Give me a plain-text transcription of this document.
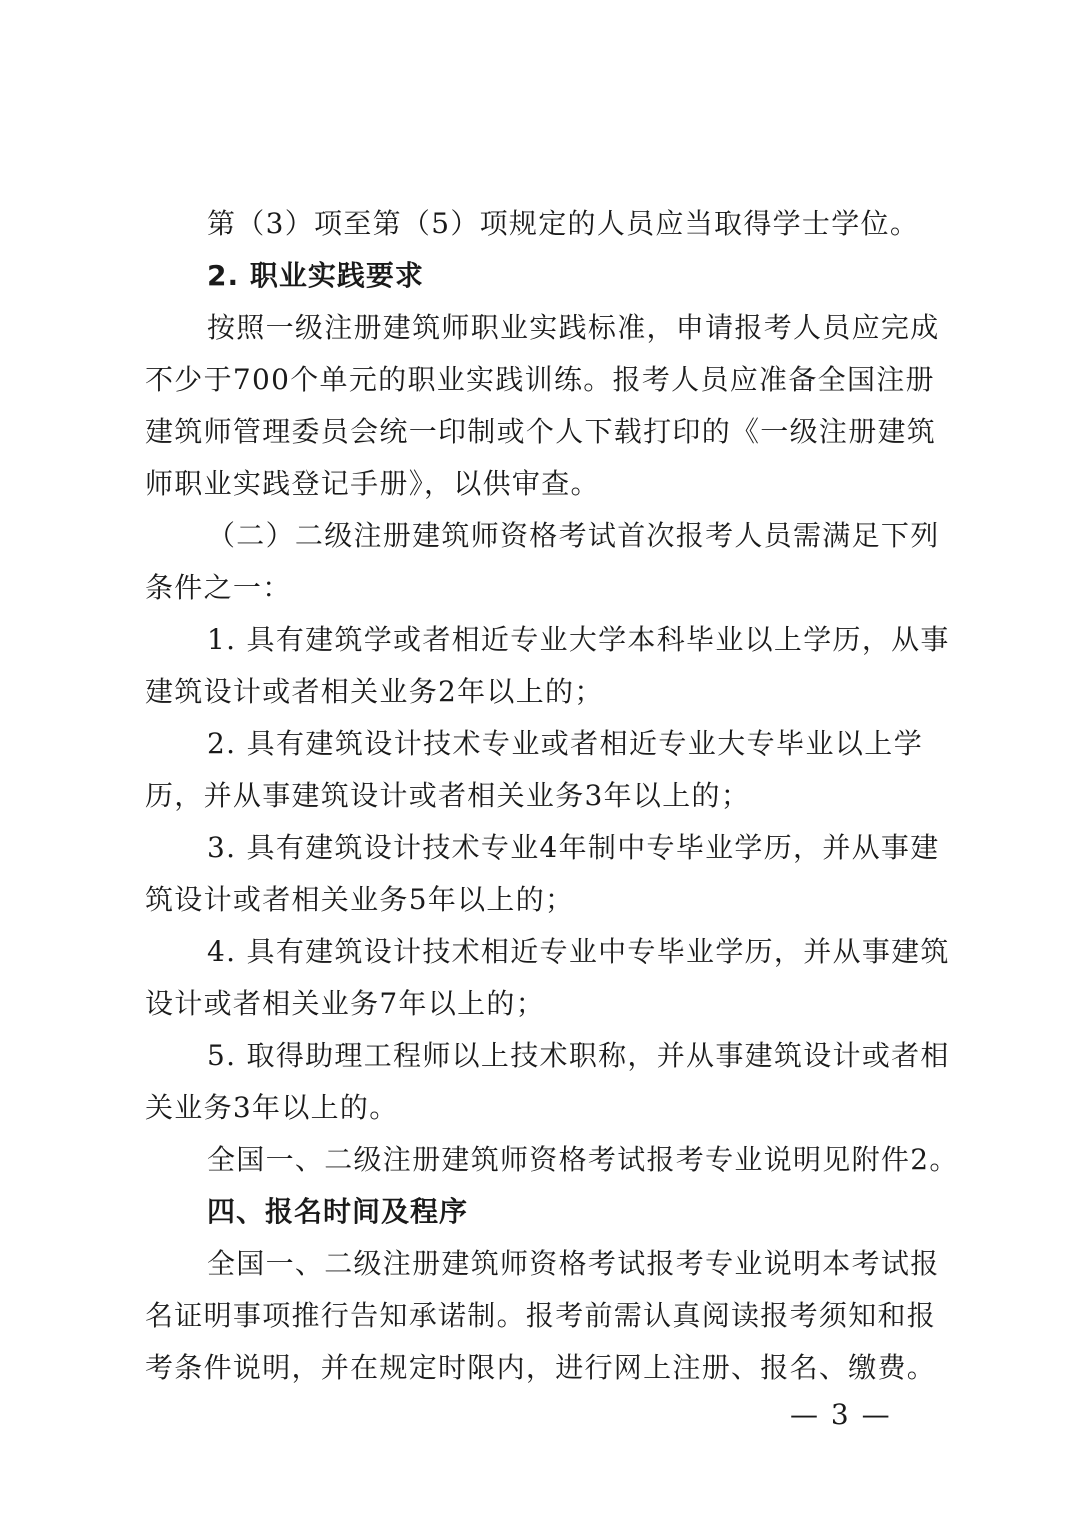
第（3）项至第（5）项规定的人员应当取得学士学位。
2. 职业实践要求
按照一级注册建筑师职业实践标准，申请报考人员应完成
不少于700个单元的职业实践训练。报考人员应准备全国注册
建筑师管理委员会统一印制或个人下载打印的《一级注册建筑
师职业实践登记手册》，以供审查。
（二）二级注册建筑师资格考试首次报考人员需满足下列
条件之一：
1. 具有建筑学或者相近专业大学本科毕业以上学历，从事
建筑设计或者相关业务2年以上的；
2. 具有建筑设计技术专业或者相近专业大专毕业以上学
历，并从事建筑设计或者相关业务3年以上的；
3. 具有建筑设计技术专业4年制中专毕业学历，并从事建
筑设计或者相关业务5年以上的；
4. 具有建筑设计技术相近专业中专毕业学历，并从事建筑
设计或者相关业务7年以上的；
5. 取得助理工程师以上技术职称，并从事建筑设计或者相
关业务3年以上的。
全国一、二级注册建筑师资格考试报考专业说明见附件2。
四、报名时间及程序
全国一、二级注册建筑师资格考试报考专业说明本考试报
名证明事项推行告知承诺制。报考前需认真阅读报考须知和报
考条件说明，并在规定时限内，进行网上注册、报名、缴费。
— 3 —
